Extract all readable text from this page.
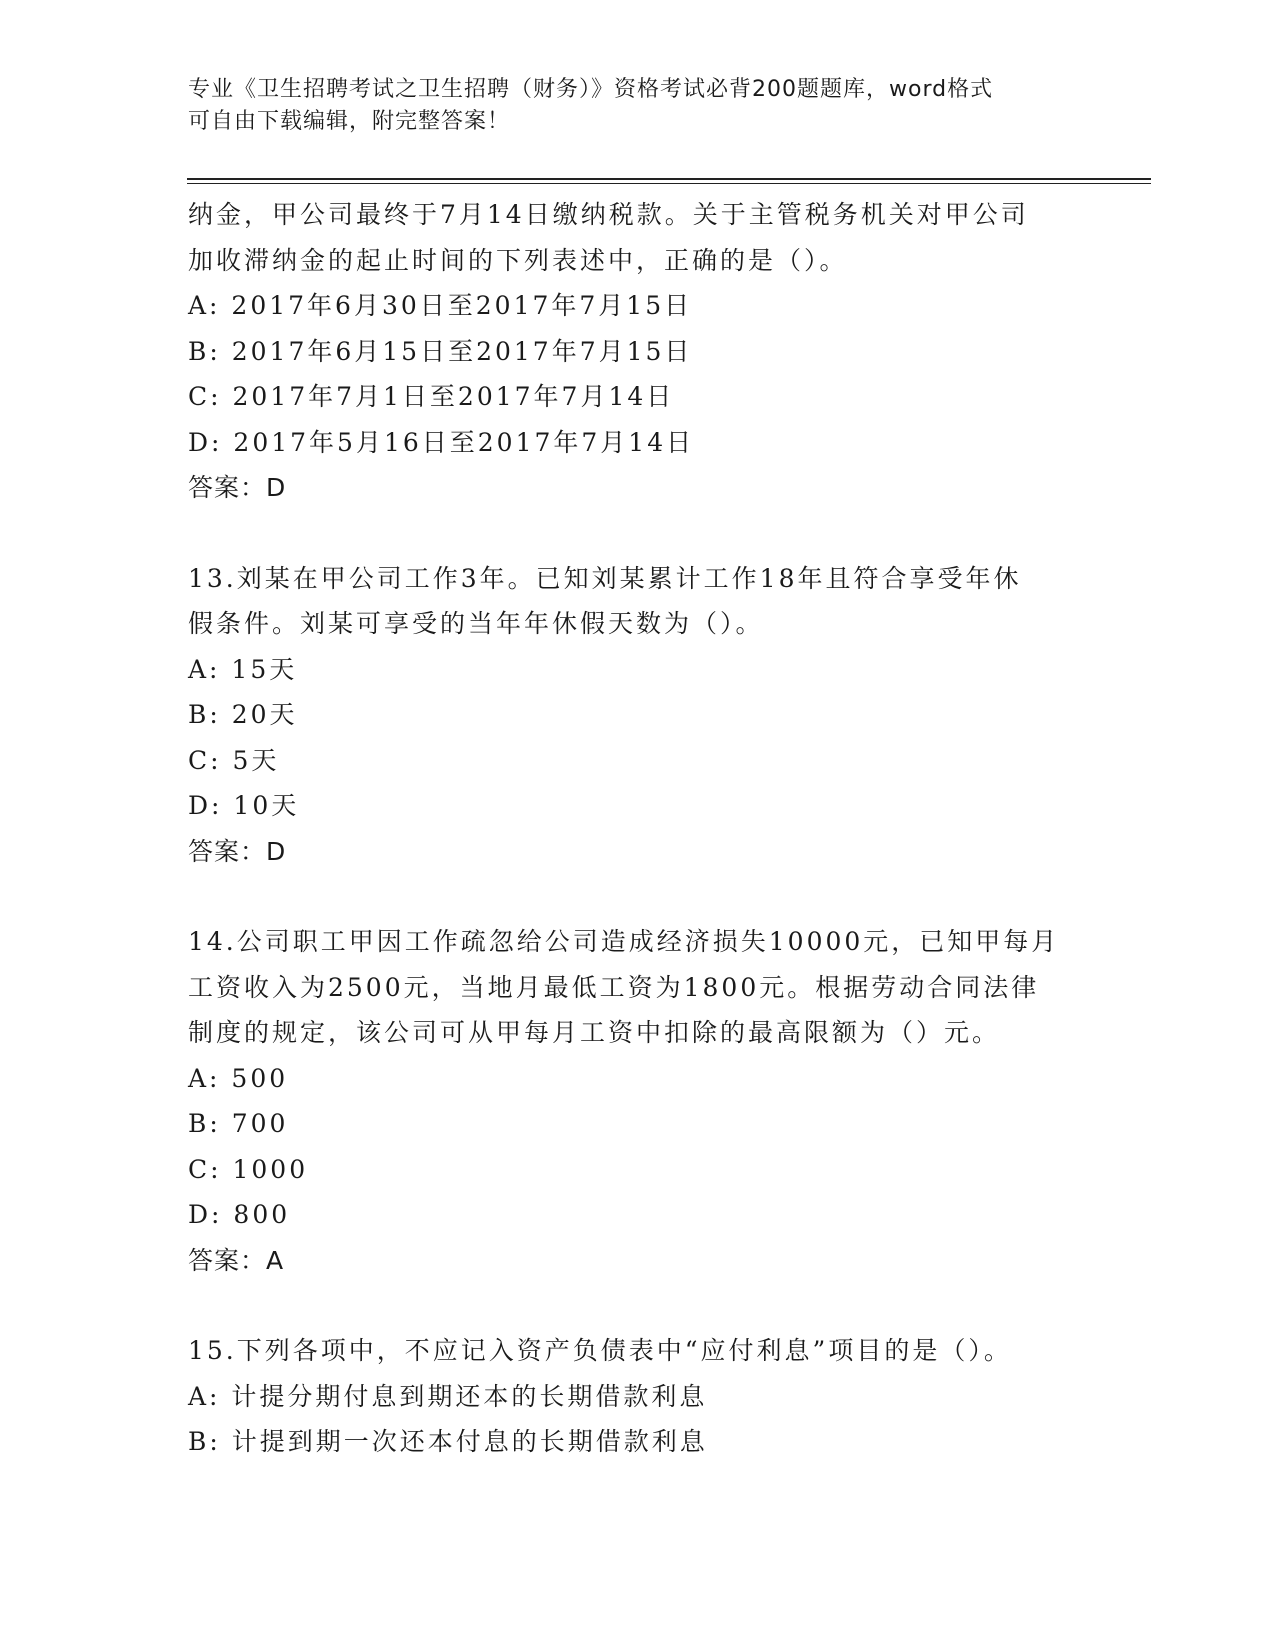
专业《卫生招聘考试之卫生招聘（财务）》资格考试必背200题题库，word格式
可自由下载编辑，附完整答案！
纳金，甲公司最终于7月14日缴纳税款。关于主管税务机关对甲公司
加收滞纳金的起止时间的下列表述中，正确的是（）。
A: 2017年6月30日至2017年7月15日
B: 2017年6月15日至2017年7月15日
C: 2017年7月1日至2017年7月14日
D: 2017年5月16日至2017年7月14日
答案：D
13.刘某在甲公司工作3年。已知刘某累计工作18年且符合享受年休
假条件。刘某可享受的当年年休假天数为（）。
A: 15天
B: 20天
C: 5天
D: 10天
答案：D
14.公司职工甲因工作疏忽给公司造成经济损失10000元，已知甲每月
工资收入为2500元，当地月最低工资为1800元。根据劳动合同法律
制度的规定，该公司可从甲每月工资中扣除的最高限额为（）元。
A: 500
B: 700
C: 1000
D: 800
答案：A
15.下列各项中，不应记入资产负债表中“应付利息”项目的是（）。
A: 计提分期付息到期还本的长期借款利息
B: 计提到期一次还本付息的长期借款利息
